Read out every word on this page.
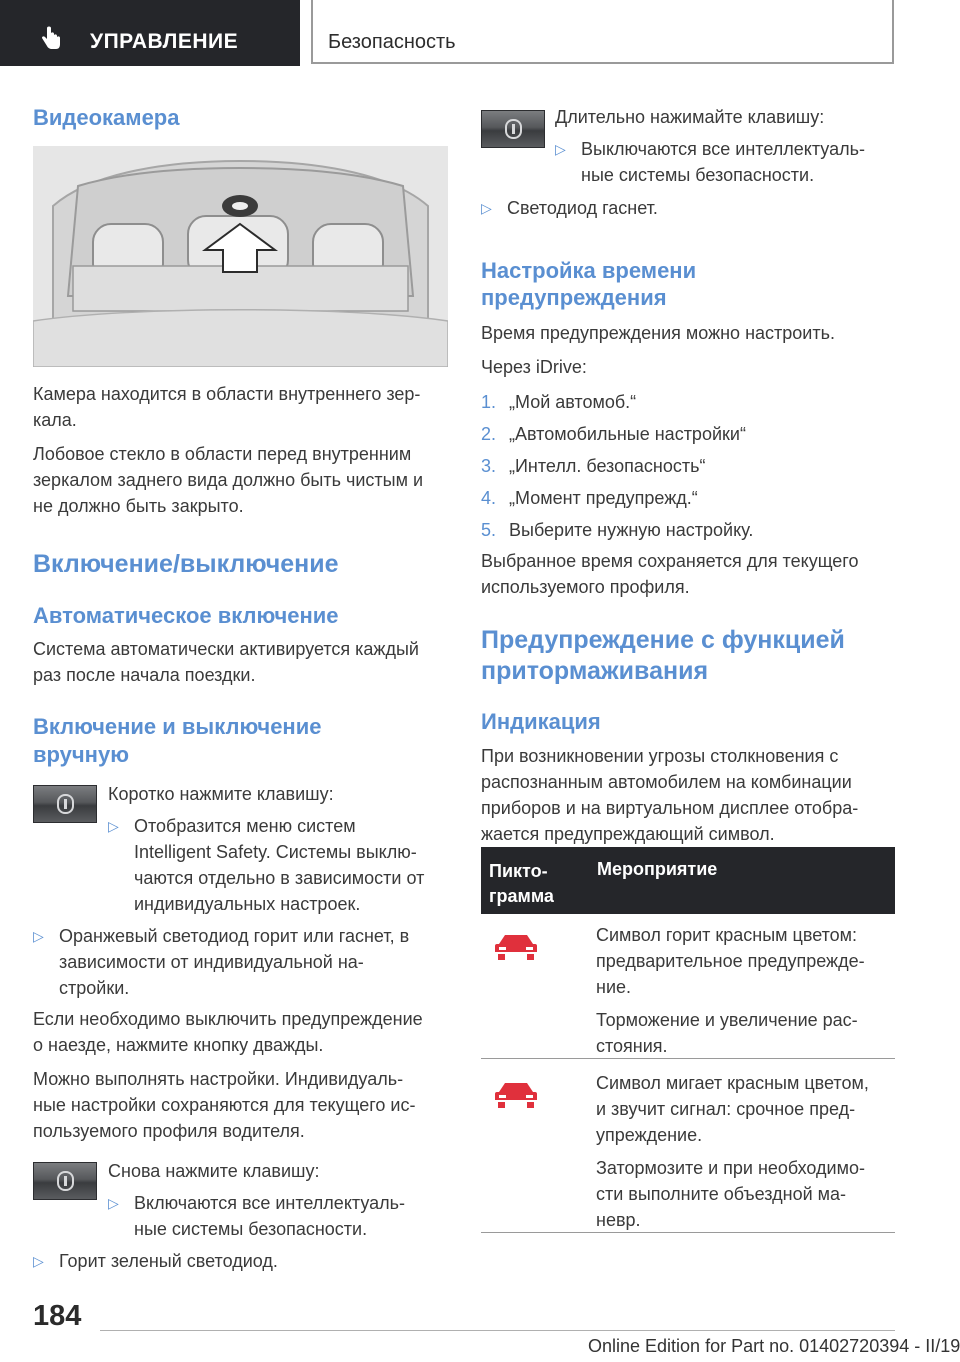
УПРАВЛЕНИЕ	Безопасность
Видеокамера

Камера находится в области внутреннего зер-

кала.

Лобовое стекло в области перед внутренним

зеркалом заднего вида должно быть чистым и

не должно быть закрыто.

Включение/выключение
Автоматическое включение

Система автоматически активируется каждый

раз после начала поездки.

Включение и выключение
вручную

Коротко нажмите клавишу:

▷ Отобразится меню систем

Intelligent Safety. Системы выклю-

чаются отдельно в зависимости от

индивидуальных настроек.

▷ Оранжевый светодиод горит или гаснет, в

зависимости от индивидуальной на-

стройки.

Если необходимо выключить предупреждение

о наезде, нажмите кнопку дважды.

Можно выполнять настройки. Индивидуаль-

ные настройки сохраняются для текущего ис-

пользуемого профиля водителя.

Снова нажмите клавишу:

▷ Включаются все интеллектуаль-

ные системы безопасности.

▷ Горит зеленый светодиод.

Длительно нажимайте клавишу:

▷ Выключаются все интеллектуаль-

ные системы безопасности.

▷ Светодиод гаснет.
Настройка времени
предупреждения

Время предупреждения можно настроить.

Через iDrive:

1. „Мой автомоб.“
2. „Автомобильные настройки“
3. „Интелл. безопасность“
4. „Момент предупрежд.“
5. Выберите нужную настройку.

Выбранное время сохраняется для текущего

используемого профиля.

Предупреждение с функцией
притормаживания
Индикация

При возникновении угрозы столкновения с

распознанным автомобилем на комбинации

приборов и на виртуальном дисплее отобра-

жается предупреждающий символ.

Пикто-
грамма
Мероприятие

Символ горит красным цветом:

предварительное предупрежде-

ние.

Торможение и увеличение рас-

стояния.

Символ мигает красным цветом,

и звучит сигнал: срочное пред-

упреждение.

Затормозите и при необходимо-

сти выполните объездной ма-

невр.

184
Online Edition for Part no. 01402720394 - II/19
